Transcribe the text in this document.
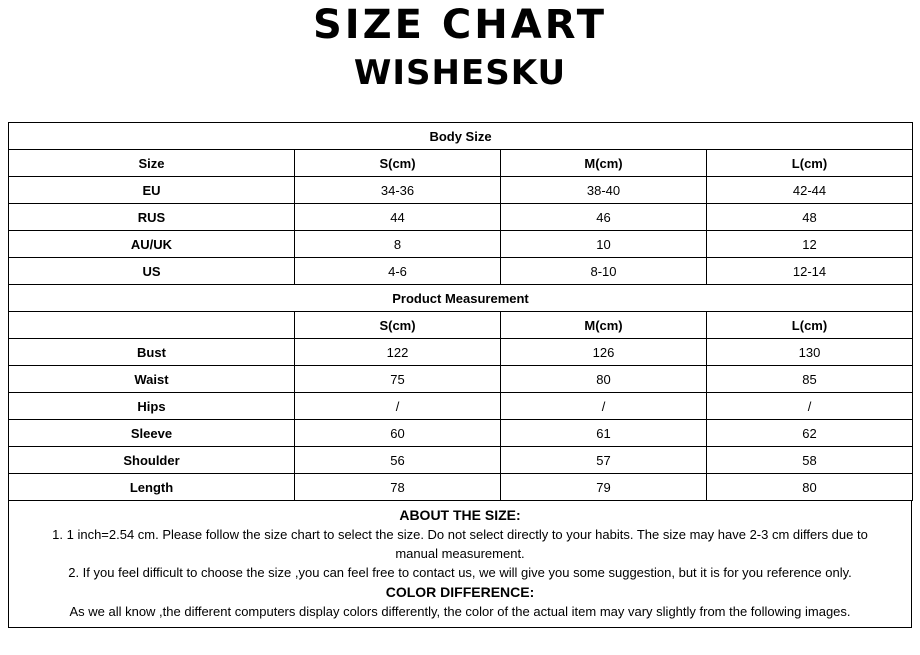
SIZE CHART
WISHESKU
Body Size			
Size	S(cm)	M(cm)	L(cm)
EU	34-36	38-40	42-44
RUS	44	46	48
AU/UK	8	10	12
US	4-6	8-10	12-14
Product Measurement			
	S(cm)	M(cm)	L(cm)
Bust	122	126	130
Waist	75	80	85
Hips	/	/	/
Sleeve	60	61	62
Shoulder	56	57	58
Length	78	79	80
ABOUT THE SIZE:
1. 1 inch=2.54 cm. Please follow the size chart to select the size. Do not select directly to your habits. The size may have 2-3 cm differs due to
manual measurement.
2. If you feel difficult to choose the size ,you can feel free to contact us, we will give you some suggestion, but it is for you reference only.
COLOR DIFFERENCE:
As we all know ,the different computers display colors differently, the color of the actual item may vary slightly from the following images.
